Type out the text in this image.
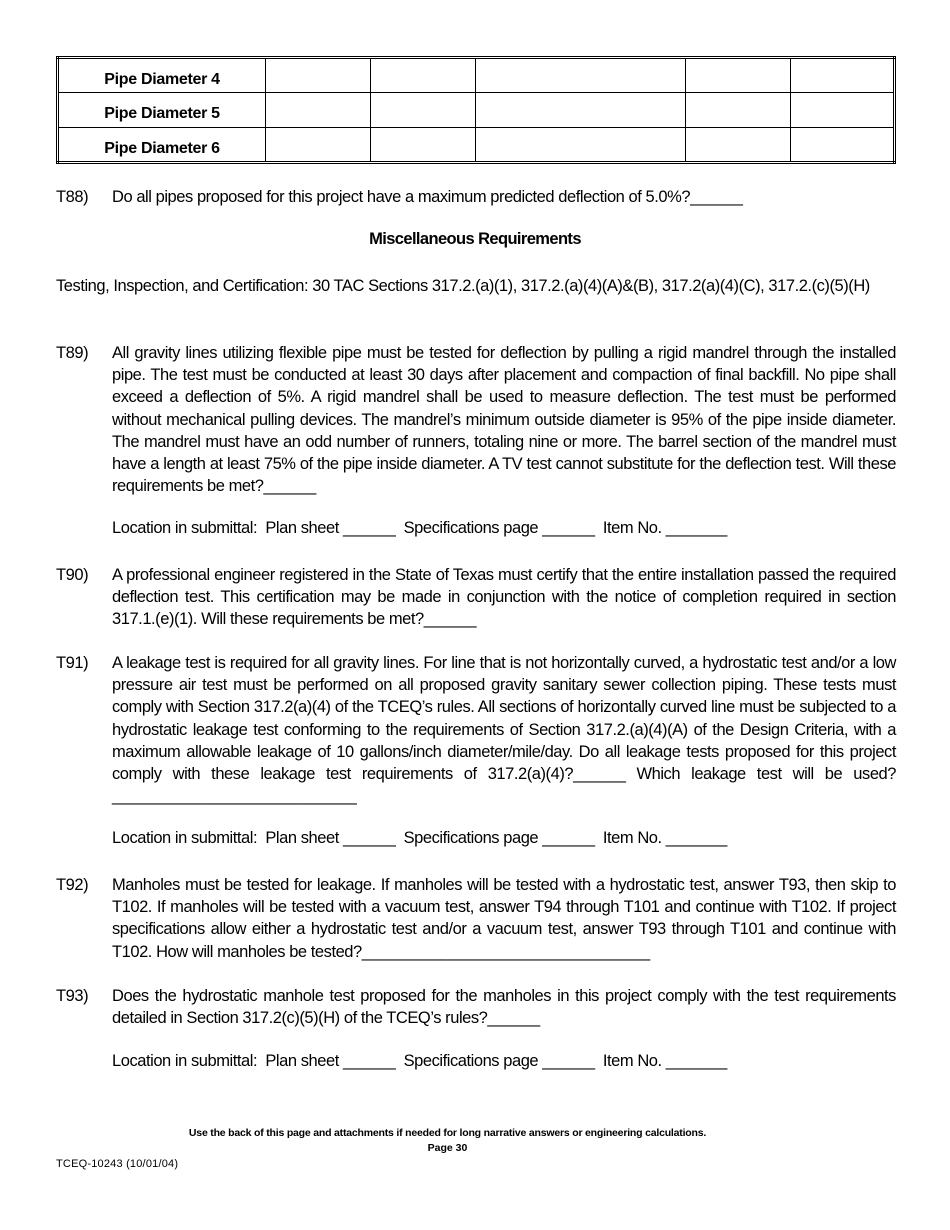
Pipe Diameter 4					
Pipe Diameter 5					
Pipe Diameter 6					
T88) Do all pipes proposed for this project have a maximum predicted deflection of 5.0%?______
Miscellaneous Requirements
Testing, Inspection, and Certification: 30 TAC Sections 317.2.(a)(1), 317.2.(a)(4)(A)&(B), 317.2(a)(4)(C), 317.2.(c)(5)(H)
T89) All gravity lines utilizing flexible pipe must be tested for deflection by pulling a rigid mandrel through the installed pipe. The test must be conducted at least 30 days after placement and compaction of final backfill. No pipe shall exceed a deflection of 5%. A rigid mandrel shall be used to measure deflection. The test must be performed without mechanical pulling devices. The mandrel’s minimum outside diameter is 95% of the pipe inside diameter. The mandrel must have an odd number of runners, totaling nine or more. The barrel section of the mandrel must have a length at least 75% of the pipe inside diameter. A TV test cannot substitute for the deflection test. Will these requirements be met?______
Location in submittal:  Plan sheet ______  Specifications page ______  Item No. _______
T90) A professional engineer registered in the State of Texas must certify that the entire installation passed the required deflection test. This certification may be made in conjunction with the notice of completion required in section 317.1.(e)(1). Will these requirements be met?______
T91) A leakage test is required for all gravity lines. For line that is not horizontally curved, a hydrostatic test and/or a low pressure air test must be performed on all proposed gravity sanitary sewer collection piping. These tests must comply with Section 317.2(a)(4) of the TCEQ’s rules. All sections of horizontally curved line must be subjected to a hydrostatic leakage test conforming to the requirements of Section 317.2.(a)(4)(A) of the Design Criteria, with a maximum allowable leakage of 10 gallons/inch diameter/mile/day. Do all leakage tests proposed for this project comply with these leakage test requirements of 317.2(a)(4)?______ Which leakage test will be used?____________________________
Location in submittal:  Plan sheet ______  Specifications page ______  Item No. _______
T92) Manholes must be tested for leakage. If manholes will be tested with a hydrostatic test, answer T93, then skip to T102. If manholes will be tested with a vacuum test, answer T94 through T101 and continue with T102. If project specifications allow either a hydrostatic test and/or a vacuum test, answer T93 through T101 and continue with T102. How will manholes be tested?_________________________________
T93) Does the hydrostatic manhole test proposed for the manholes in this project comply with the test requirements detailed in Section 317.2(c)(5)(H) of the TCEQ’s rules?______
Location in submittal:  Plan sheet ______  Specifications page ______  Item No. _______
Use the back of this page and attachments if needed for long narrative answers or engineering calculations.
Page 30
TCEQ-10243 (10/01/04)
